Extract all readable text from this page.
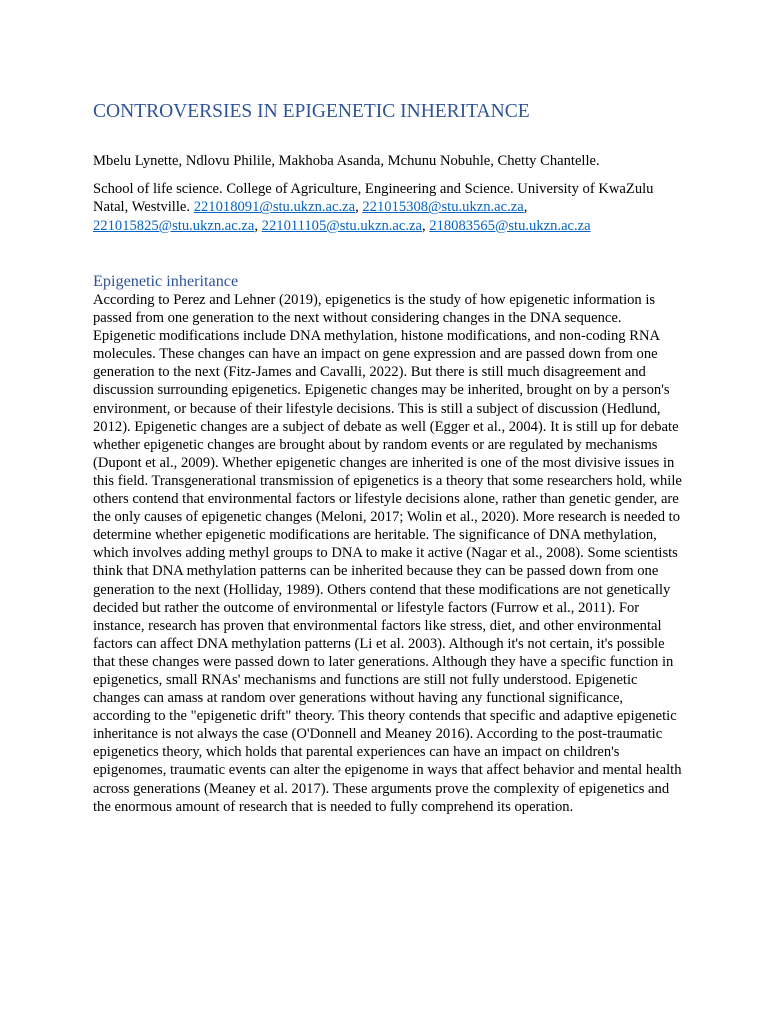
CONTROVERSIES IN EPIGENETIC INHERITANCE

Mbelu Lynette, Ndlovu Philile, Makhoba Asanda, Mchunu Nobuhle, Chetty Chantelle.

School of life science. College of Agriculture, Engineering and Science. University of KwaZulu Natal, Westville. 221018091@stu.ukzn.ac.za, 221015308@stu.ukzn.ac.za, 221015825@stu.ukzn.ac.za, 221011105@stu.ukzn.ac.za, 218083565@stu.ukzn.ac.za

Epigenetic inheritance

According to Perez and Lehner (2019), epigenetics is the study of how epigenetic information is passed from one generation to the next without considering changes in the DNA sequence. Epigenetic modifications include DNA methylation, histone modifications, and non-coding RNA molecules. These changes can have an impact on gene expression and are passed down from one generation to the next (Fitz-James and Cavalli, 2022). But there is still much disagreement and discussion surrounding epigenetics. Epigenetic changes may be inherited, brought on by a person's environment, or because of their lifestyle decisions. This is still a subject of discussion (Hedlund, 2012). Epigenetic changes are a subject of debate as well (Egger et al., 2004). It is still up for debate whether epigenetic changes are brought about by random events or are regulated by mechanisms (Dupont et al., 2009). Whether epigenetic changes are inherited is one of the most divisive issues in this field. Transgenerational transmission of epigenetics is a theory that some researchers hold, while others contend that environmental factors or lifestyle decisions alone, rather than genetic gender, are the only causes of epigenetic changes (Meloni, 2017; Wolin et al., 2020). More research is needed to determine whether epigenetic modifications are heritable. The significance of DNA methylation, which involves adding methyl groups to DNA to make it active (Nagar et al., 2008). Some scientists think that DNA methylation patterns can be inherited because they can be passed down from one generation to the next (Holliday, 1989). Others contend that these modifications are not genetically decided but rather the outcome of environmental or lifestyle factors (Furrow et al., 2011). For instance, research has proven that environmental factors like stress, diet, and other environmental factors can affect DNA methylation patterns (Li et al. 2003). Although it's not certain, it's possible that these changes were passed down to later generations. Although they have a specific function in epigenetics, small RNAs' mechanisms and functions are still not fully understood. Epigenetic changes can amass at random over generations without having any functional significance, according to the "epigenetic drift" theory. This theory contends that specific and adaptive epigenetic inheritance is not always the case (O'Donnell and Meaney 2016). According to the post-traumatic epigenetics theory, which holds that parental experiences can have an impact on children's epigenomes, traumatic events can alter the epigenome in ways that affect behavior and mental health across generations (Meaney et al. 2017). These arguments prove the complexity of epigenetics and the enormous amount of research that is needed to fully comprehend its operation.
